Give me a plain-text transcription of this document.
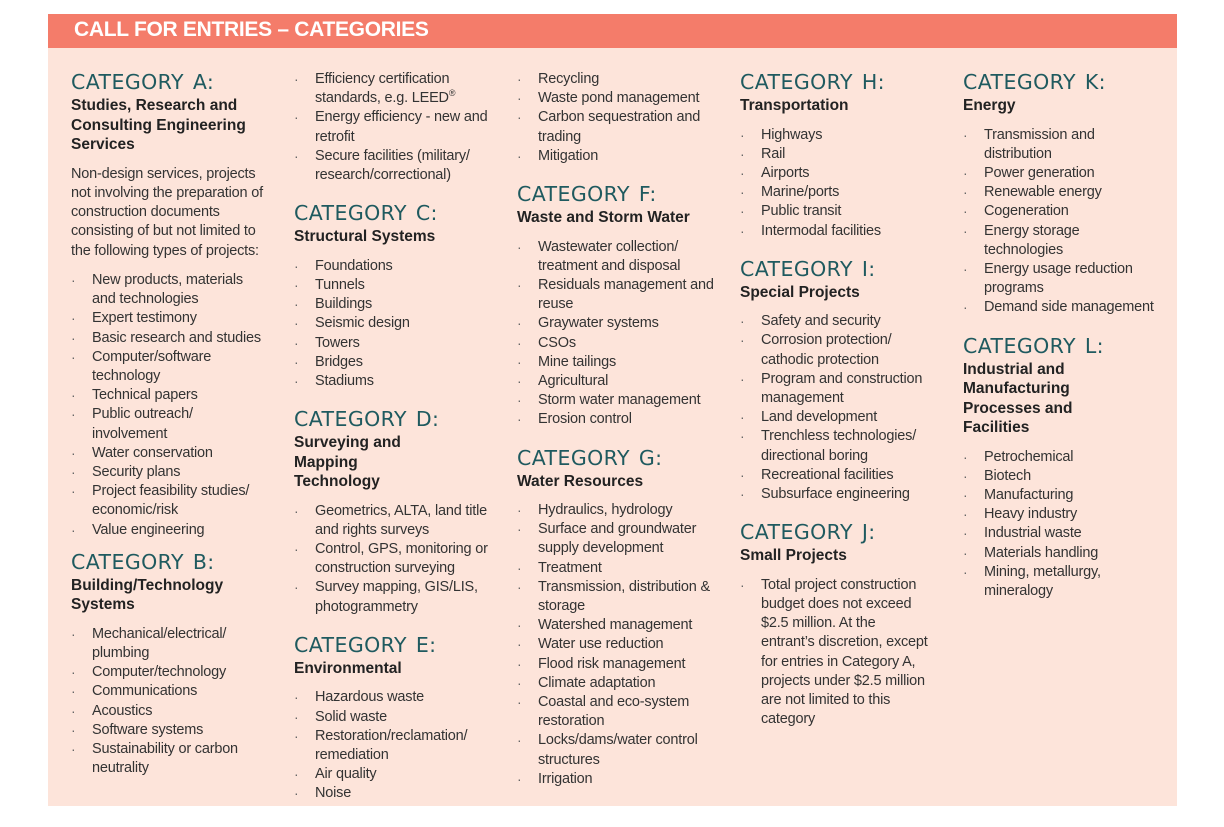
CALL FOR ENTRIES – CATEGORIES
CATEGORY A:
Studies, Research and Consulting Engineering Services
Non-design services, projects not involving the preparation of construction documents consisting of but not limited to the following types of projects:
· New products, materials and technologies
· Expert testimony
· Basic research and studies
· Computer/software technology
· Technical papers
· Public outreach/ involvement
· Water conservation
· Security plans
· Project feasibility studies/ economic/risk
· Value engineering
CATEGORY B:
Building/Technology Systems
· Mechanical/electrical/ plumbing
· Computer/technology
· Communications
· Acoustics
· Software systems
· Sustainability or carbon neutrality
· Efficiency certification standards, e.g. LEED®
· Energy efficiency - new and retrofit
· Secure facilities (military/ research/correctional)
CATEGORY C:
Structural Systems
· Foundations
· Tunnels
· Buildings
· Seismic design
· Towers
· Bridges
· Stadiums
CATEGORY D:
Surveying and Mapping Technology
· Geometrics, ALTA, land title and rights surveys
· Control, GPS, monitoring or construction surveying
· Survey mapping, GIS/LIS, photogrammetry
CATEGORY E:
Environmental
· Hazardous waste
· Solid waste
· Restoration/reclamation/ remediation
· Air quality
· Noise
· Recycling
· Waste pond management
· Carbon sequestration and trading
· Mitigation
CATEGORY F:
Waste and Storm Water
· Wastewater collection/ treatment and disposal
· Residuals management and reuse
· Graywater systems
· CSOs
· Mine tailings
· Agricultural
· Storm water management
· Erosion control
CATEGORY G:
Water Resources
· Hydraulics, hydrology
· Surface and groundwater supply development
· Treatment
· Transmission, distribution & storage
· Watershed management
· Water use reduction
· Flood risk management
· Climate adaptation
· Coastal and eco-system restoration
· Locks/dams/water control structures
· Irrigation
CATEGORY H:
Transportation
· Highways
· Rail
· Airports
· Marine/ports
· Public transit
· Intermodal facilities
CATEGORY I:
Special Projects
· Safety and security
· Corrosion protection/ cathodic protection
· Program and construction management
· Land development
· Trenchless technologies/ directional boring
· Recreational facilities
· Subsurface engineering
CATEGORY J:
Small Projects
· Total project construction budget does not exceed $2.5 million. At the entrant’s discretion, except for entries in Category A, projects under $2.5 million are not limited to this category
CATEGORY K:
Energy
· Transmission and distribution
· Power generation
· Renewable energy
· Cogeneration
· Energy storage technologies
· Energy usage reduction programs
· Demand side management
CATEGORY L:
Industrial and Manufacturing Processes and Facilities
· Petrochemical
· Biotech
· Manufacturing
· Heavy industry
· Industrial waste
· Materials handling
· Mining, metallurgy, mineralogy
